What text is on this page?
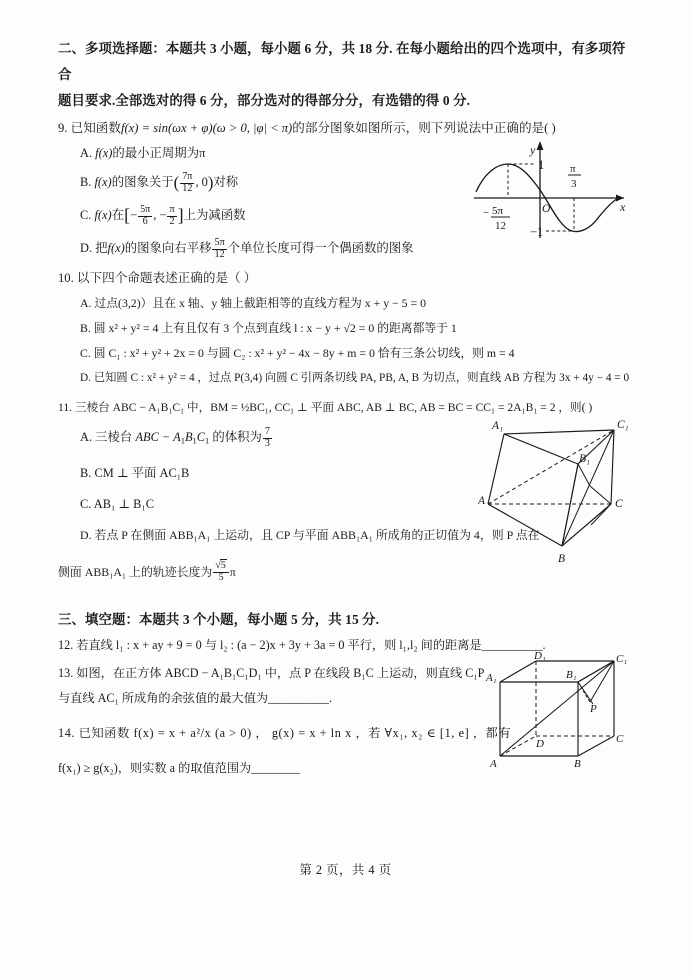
二、多项选择题：本题共 3 小题，每小题 6 分，共 18 分. 在每小题给出的四个选项中，有多项符合
题目要求.全部选对的得 6 分，部分选对的得部分分，有选错的得 0 分.
9. 已知函数f(x) = sin(ωx + φ)(ω > 0, |φ| < π)的部分图象如图所示，则下列说法中正确的是( )
A. f(x)的最小正周期为π
B. f(x)的图象关于( $\frac{7\pi}{12}$ , 0)对称
C. f(x)在[− $\frac{5\pi}{6}$ , − $\frac{\pi}{2}$ ]上为减函数
D. 把f(x)的图象向右平移 $\frac{5\pi}{12}$ 个单位长度可得一个偶函数的图象
10. 以下四个命题表述正确的是（ ）
A. 过点(3,2)）且在 x 轴、y 轴上截距相等的直线方程为 x + y − 5 = 0
B. 圆 x² + y² = 4 上有且仅有 3 个点到直线 l : x − y + √2 = 0 的距离都等于 1
C. 圆 C₁ : x² + y² + 2x = 0 与圆 C₂ : x² + y² − 4x − 8y + m = 0 恰有三条公切线，则 m = 4
D. 已知圆 C : x² + y² = 4 ，过点 P(3,4) 向圆 C 引两条切线 PA, PB, A, B 为切点，则直线 AB 方程为 3x + 4y − 4 = 0
11. 三棱台 ABC − A₁B₁C₁ 中，BM = ½BC₁, CC₁ ⊥ 平面 ABC, AB ⊥ BC, AB = BC = CC₁ = 2A₁B₁ = 2 ，则( )
A. 三棱台 ABC − $A_1B_1C_1$ 的体积为 $\frac{7}{3}$
B. CM ⊥ 平面 AC₁B
C. AB₁ ⊥ B₁C
D. 若点 P 在侧面 ABB₁A₁ 上运动，且 CP 与平面 ABB₁A₁ 所成角的正切值为 4，则 P 点在
侧面 ABB₁A₁ 上的轨迹长度为 $\frac{√5}{5}$ π
三、填空题：本题共 3 个小题，每小题 5 分，共 15 分.
12. 若直线 l₁ : x + ay + 9 = 0 与 l₂ : (a − 2)x + 3y + 3a = 0 平行，则 l₁,l₂ 间的距离是__________.
13. 如图，在正方体 ABCD − A₁B₁C₁D₁ 中，点 P 在线段 B₁C 上运动，则直线 C₁P
与直线 AC₁ 所成角的余弦值的最大值为__________.
14. 已知函数 f(x) = x + a²/x (a > 0) ， g(x) = x + ln x ，若 ∀x₁, x₂ ∈ [1, e] ，都有
f(x₁) ≥ g(x₂)，则实数 a 的取值范围为________
y
x
O
1
−1
− 5π
12
π
3
A₁	C₁
B₁
A	C
B
D₁	C₁
A₁	B₁
P
D	C
A	B
第 2 页，共 4 页
